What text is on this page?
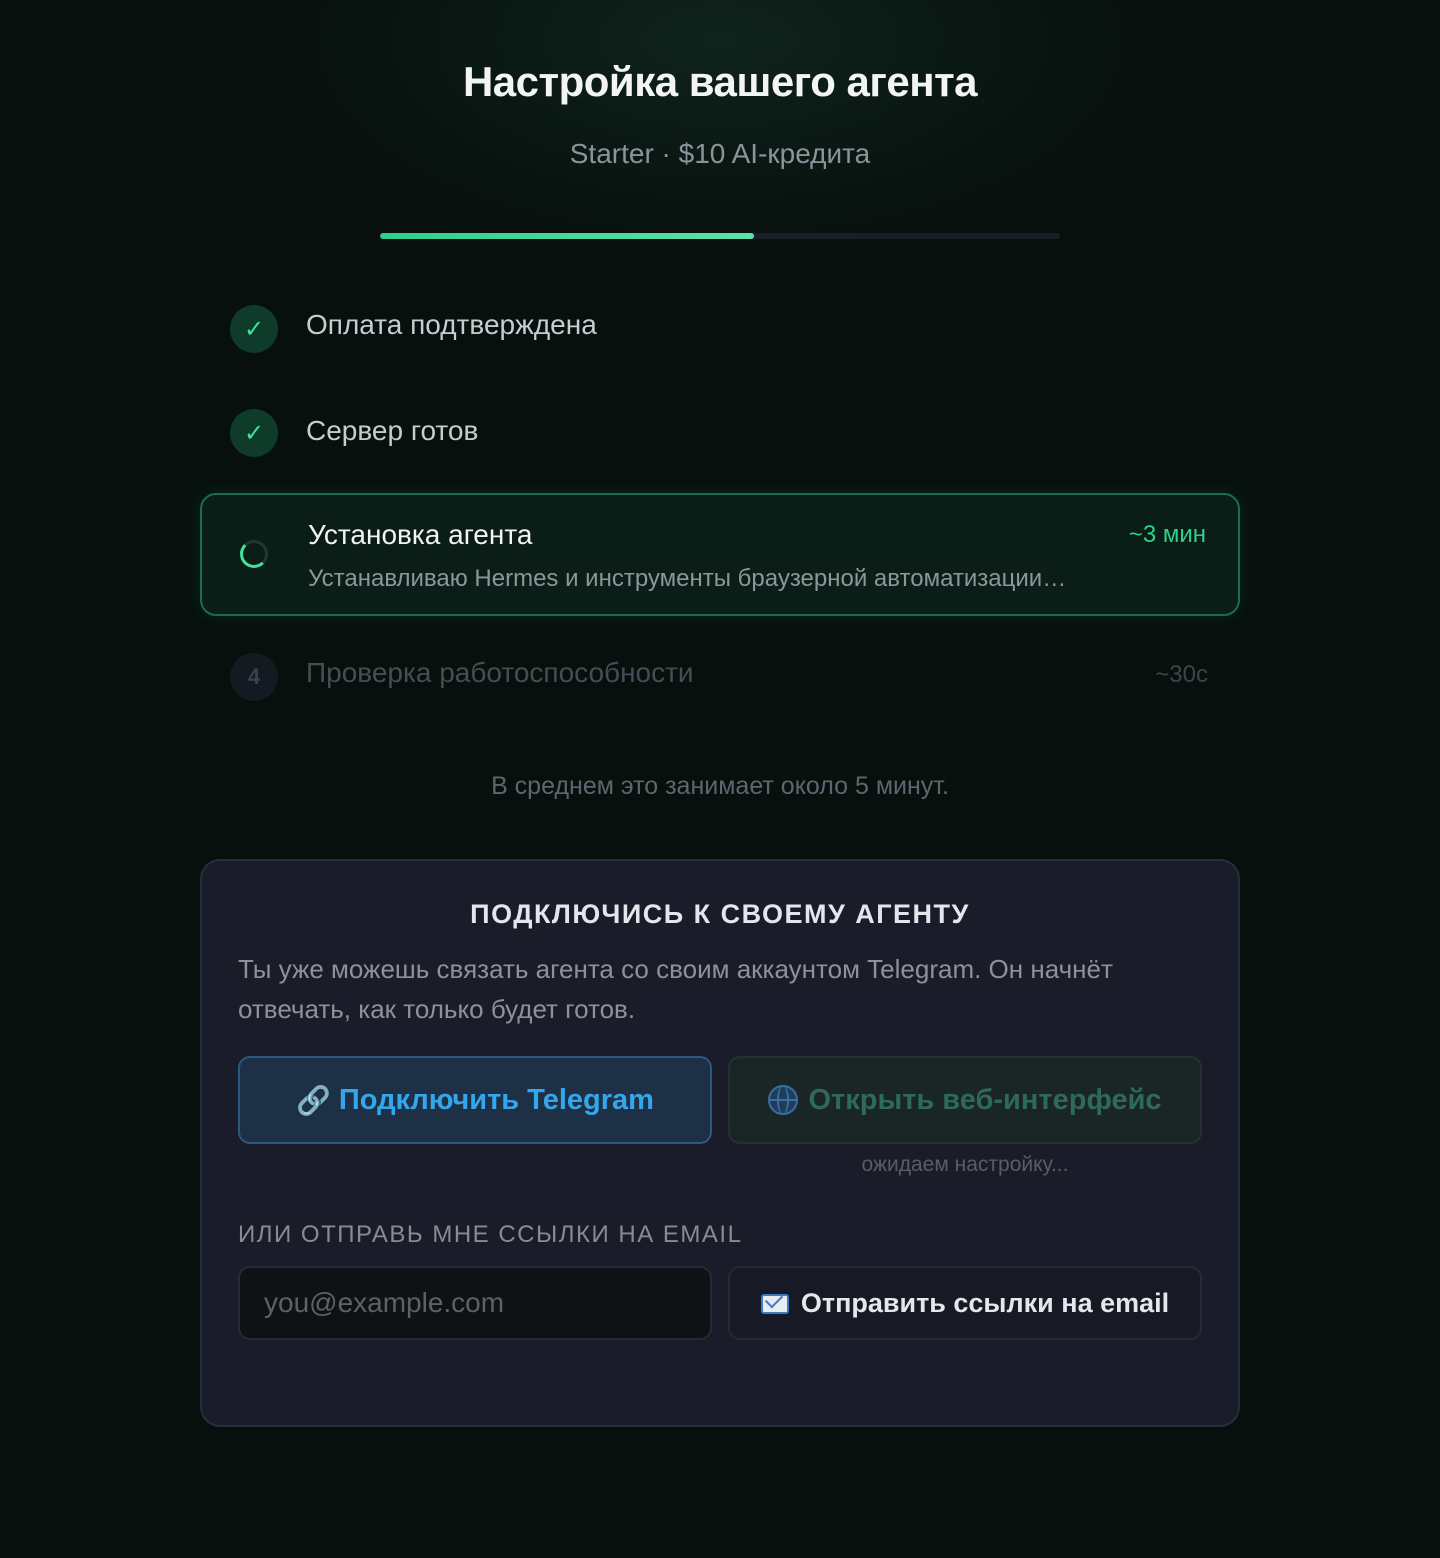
Настройка вашего агента
Starter · $10 AI-кредита
✓	Оплата подтверждена
✓	Сервер готов
Установка агента	~3 мин
Устанавливаю Hermes и инструменты браузерной автоматизации…
4	Проверка работоспособности	~30с
В среднем это занимает около 5 минут.
ПОДКЛЮЧИСЬ К СВОЕМУ АГЕНТУ
Ты уже можешь связать агента со своим аккаунтом Telegram. Он начнёт отвечать, как только будет готов.
🔗 Подключить Telegram	Открыть веб-интерфейс
ожидаем настройку...
ИЛИ ОТПРАВЬ МНЕ ССЫЛКИ НА EMAIL
you@example.com
Отправить ссылки на email
